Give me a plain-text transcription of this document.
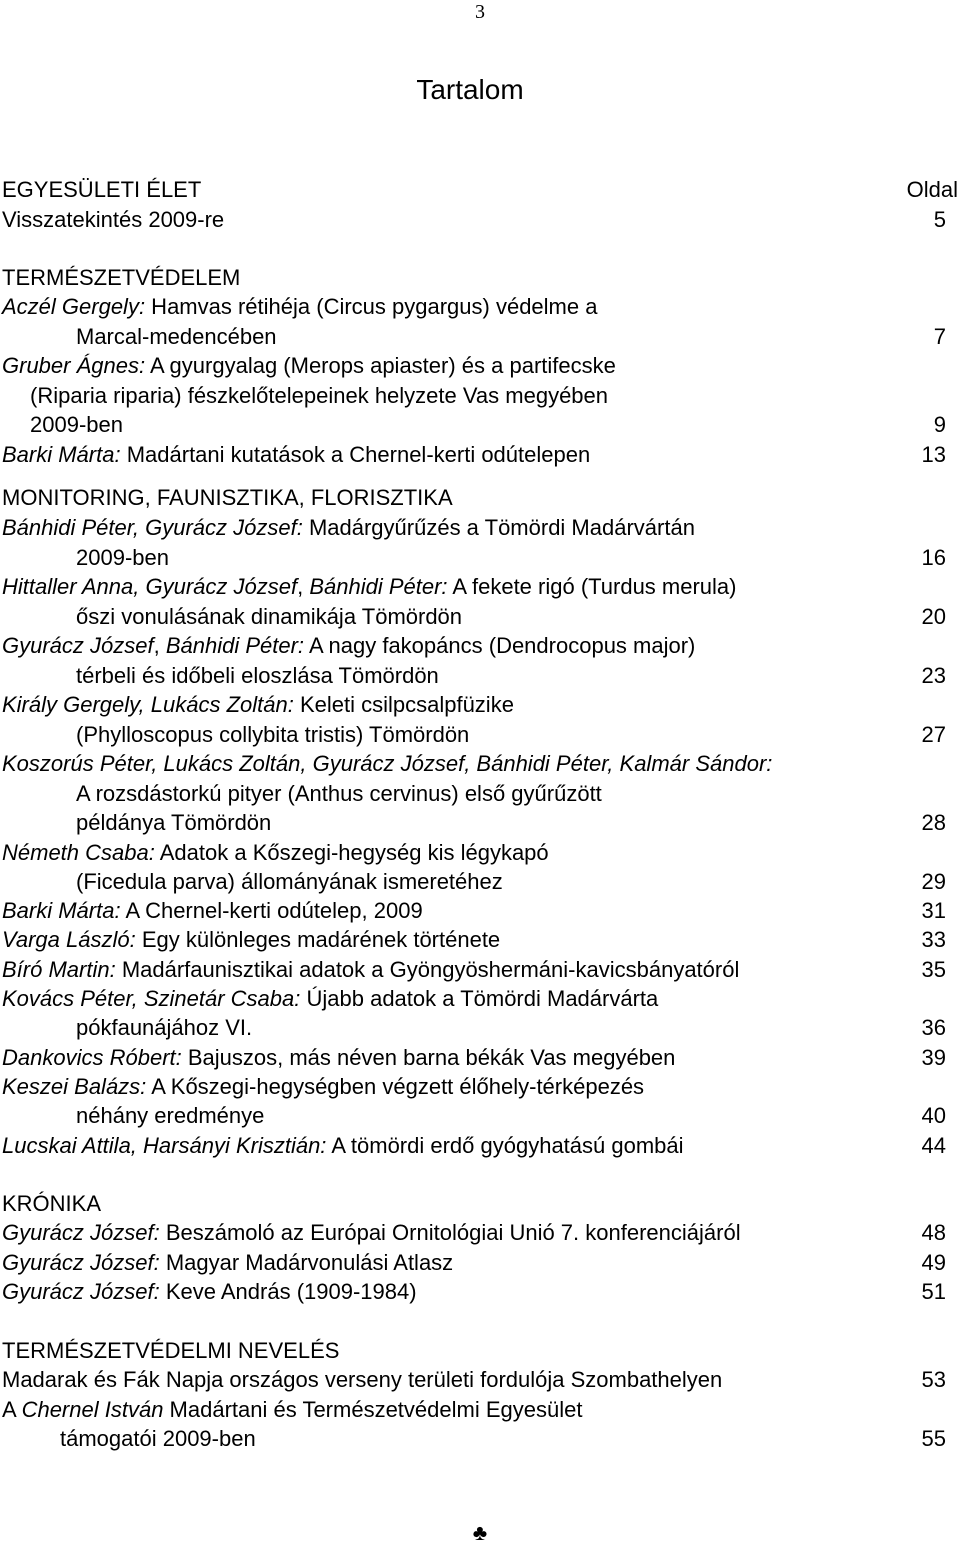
3
Tartalom
EGYESÜLETI ÉLET	Oldal
Visszatekintés 2009-re	5
TERMÉSZETVÉDELEM
Aczél Gergely: Hamvas rétihéja (Circus pygargus) védelme a
Marcal-medencében	7
Gruber Ágnes: A gyurgyalag (Merops apiaster) és a partifecske
(Riparia riparia) fészkelőtelepeinek helyzete Vas megyében
2009-ben	9
Barki Márta: Madártani kutatások a Chernel-kerti odútelepen	13
MONITORING, FAUNISZTIKA, FLORISZTIKA
Bánhidi Péter, Gyurácz József: Madárgyűrűzés a Tömördi Madárvártán
2009-ben	16
Hittaller Anna, Gyurácz József, Bánhidi Péter: A fekete rigó (Turdus merula)
őszi vonulásának dinamikája Tömördön	20
Gyurácz József, Bánhidi Péter: A nagy fakopáncs (Dendrocopus major)
térbeli és időbeli eloszlása Tömördön	23
Király Gergely, Lukács Zoltán: Keleti csilpcsalpfüzike
(Phylloscopus collybita tristis) Tömördön	27
Koszorús Péter, Lukács Zoltán, Gyurácz József, Bánhidi Péter, Kalmár Sándor:
A rozsdástorkú pityer (Anthus cervinus) első gyűrűzött
példánya Tömördön	28
Németh Csaba: Adatok a Kőszegi-hegység kis légykapó
(Ficedula parva) állományának ismeretéhez	29
Barki Márta: A Chernel-kerti odútelep, 2009	31
Varga László: Egy különleges madárének története	33
Bíró Martin: Madárfaunisztikai adatok a Gyöngyöshermáni-kavicsbányatóról	35
Kovács Péter, Szinetár Csaba: Újabb adatok a Tömördi Madárvárta
pókfaunájához VI.	36
Dankovics Róbert: Bajuszos, más néven barna békák Vas megyében	39
Keszei Balázs: A Kőszegi-hegységben végzett élőhely-térképezés
néhány eredménye	40
Lucskai Attila, Harsányi Krisztián: A tömördi erdő gyógyhatású gombái	44
KRÓNIKA
Gyurácz József: Beszámoló az Európai Ornitológiai Unió 7. konferenciájáról	48
Gyurácz József: Magyar Madárvonulási Atlasz	49
Gyurácz József: Keve András (1909-1984)	51
TERMÉSZETVÉDELMI NEVELÉS
Madarak és Fák Napja országos verseny területi fordulója Szombathelyen	53
A Chernel István Madártani és Természetvédelmi Egyesület
támogatói 2009-ben	55
♣
